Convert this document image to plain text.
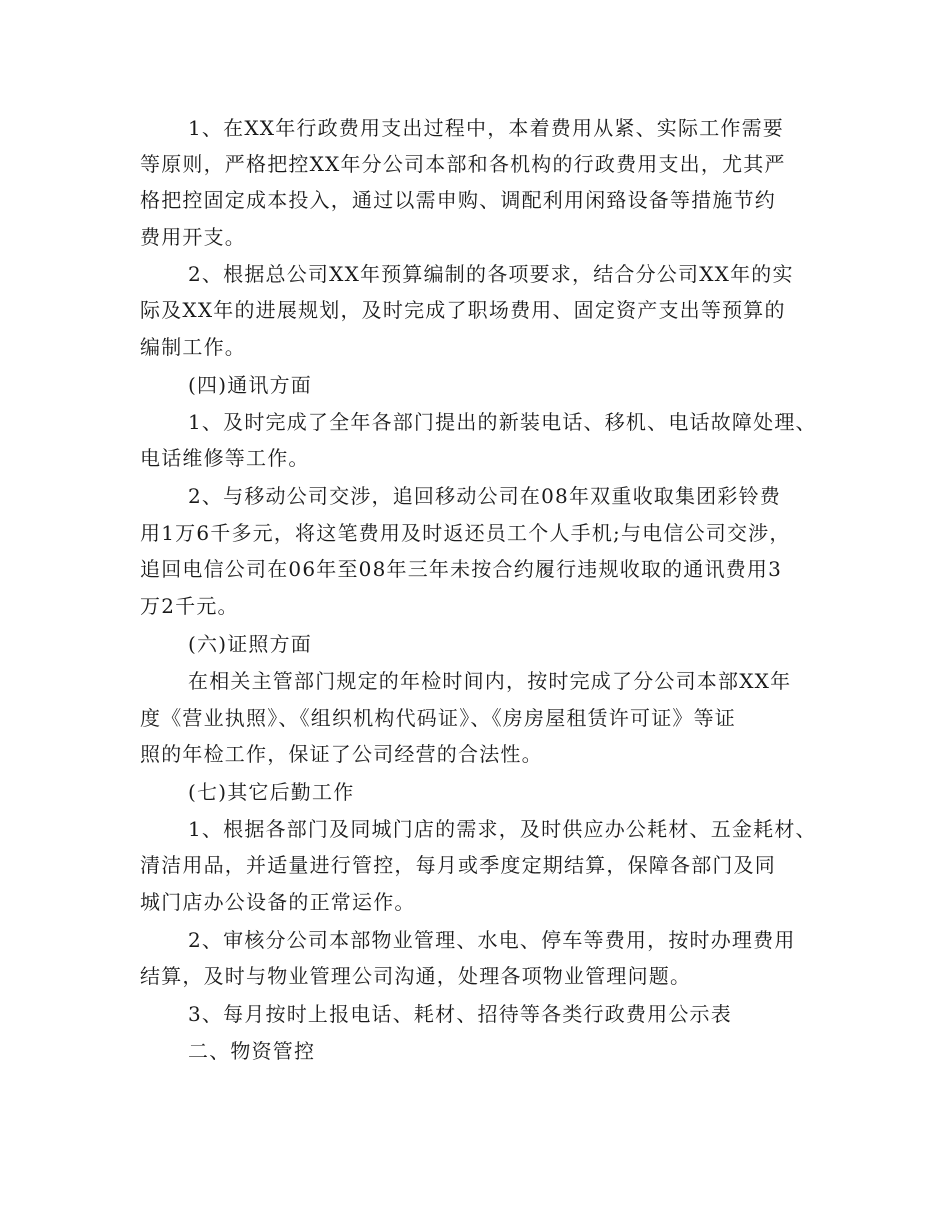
1、在XX年行政费用支出过程中，本着费用从紧、实际工作需要
等原则，严格把控XX年分公司本部和各机构的行政费用支出，尤其严
格把控固定成本投入，通过以需申购、调配利用闲臵设备等措施节约
费用开支。
2、根据总公司XX年预算编制的各项要求，结合分公司XX年的实
际及XX年的进展规划，及时完成了职场费用、固定资产支出等预算的
编制工作。
(四)通讯方面
1、及时完成了全年各部门提出的新装电话、移机、电话故障处理、
电话维修等工作。
2、与移动公司交涉，追回移动公司在08年双重收取集团彩铃费
用1万6千多元，将这笔费用及时返还员工个人手机;与电信公司交涉，
追回电信公司在06年至08年三年未按合约履行违规收取的通讯费用3
万2千元。
(六)证照方面
在相关主管部门规定的年检时间内，按时完成了分公司本部XX年
度《营业执照》、《组织机构代码证》、《房房屋租赁许可证》等证
照的年检工作，保证了公司经营的合法性。
(七)其它后勤工作
1、根据各部门及同城门店的需求，及时供应办公耗材、五金耗材、
清洁用品，并适量进行管控，每月或季度定期结算，保障各部门及同
城门店办公设备的正常运作。
2、审核分公司本部物业管理、水电、停车等费用，按时办理费用
结算，及时与物业管理公司沟通，处理各项物业管理问题。
3、每月按时上报电话、耗材、招待等各类行政费用公示表
二、物资管控
